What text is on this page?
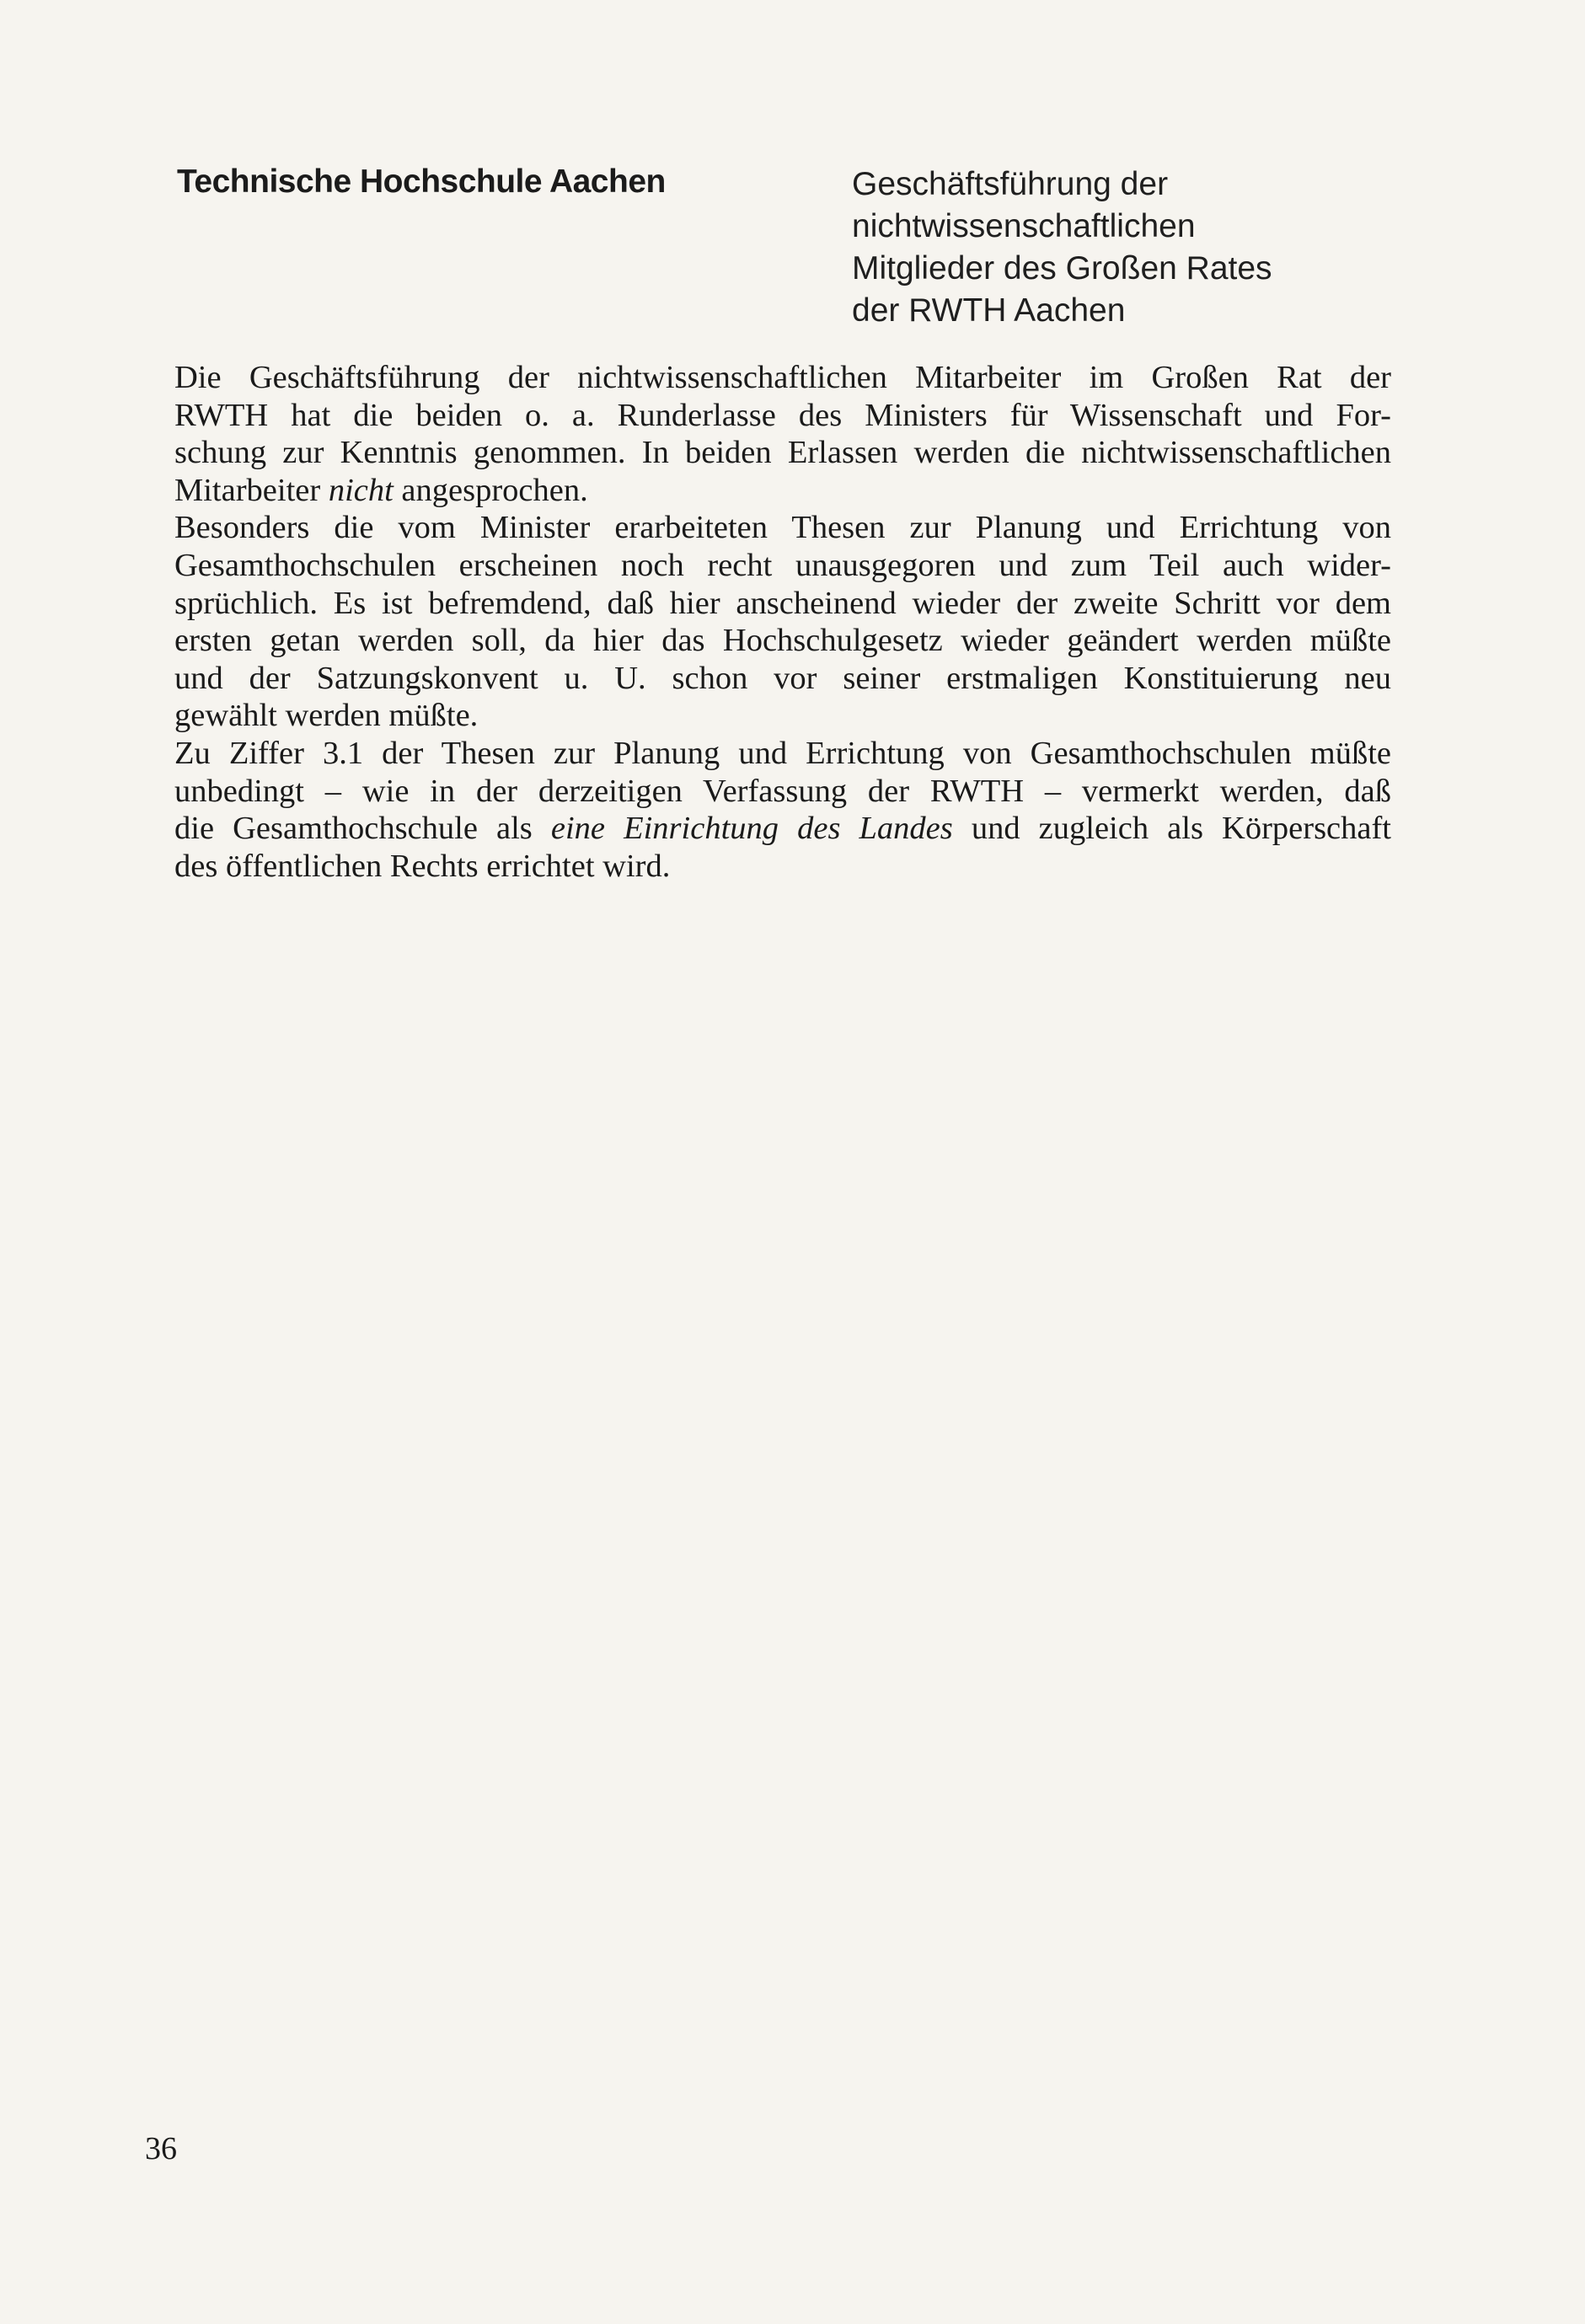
Technische Hochschule Aachen	Geschäftsführung der
nichtwissenschaftlichen
Mitglieder des Großen Rates
der RWTH Aachen

Die Geschäftsführung der nichtwissenschaftlichen Mitarbeiter im Großen Rat der
RWTH hat die beiden o. a. Runderlasse des Ministers für Wissenschaft und For-
schung zur Kenntnis genommen. In beiden Erlassen werden die nichtwissenschaftlichen
Mitarbeiter nicht angesprochen.

Besonders die vom Minister erarbeiteten Thesen zur Planung und Errichtung von
Gesamthochschulen erscheinen noch recht unausgegoren und zum Teil auch wider-
sprüchlich. Es ist befremdend, daß hier anscheinend wieder der zweite Schritt vor dem
ersten getan werden soll, da hier das Hochschulgesetz wieder geändert werden müßte
und der Satzungskonvent u. U. schon vor seiner erstmaligen Konstituierung neu
gewählt werden müßte.

Zu Ziffer 3.1 der Thesen zur Planung und Errichtung von Gesamthochschulen müßte
unbedingt – wie in der derzeitigen Verfassung der RWTH – vermerkt werden, daß
die Gesamthochschule als eine Einrichtung des Landes und zugleich als Körperschaft
des öffentlichen Rechts errichtet wird.

36
